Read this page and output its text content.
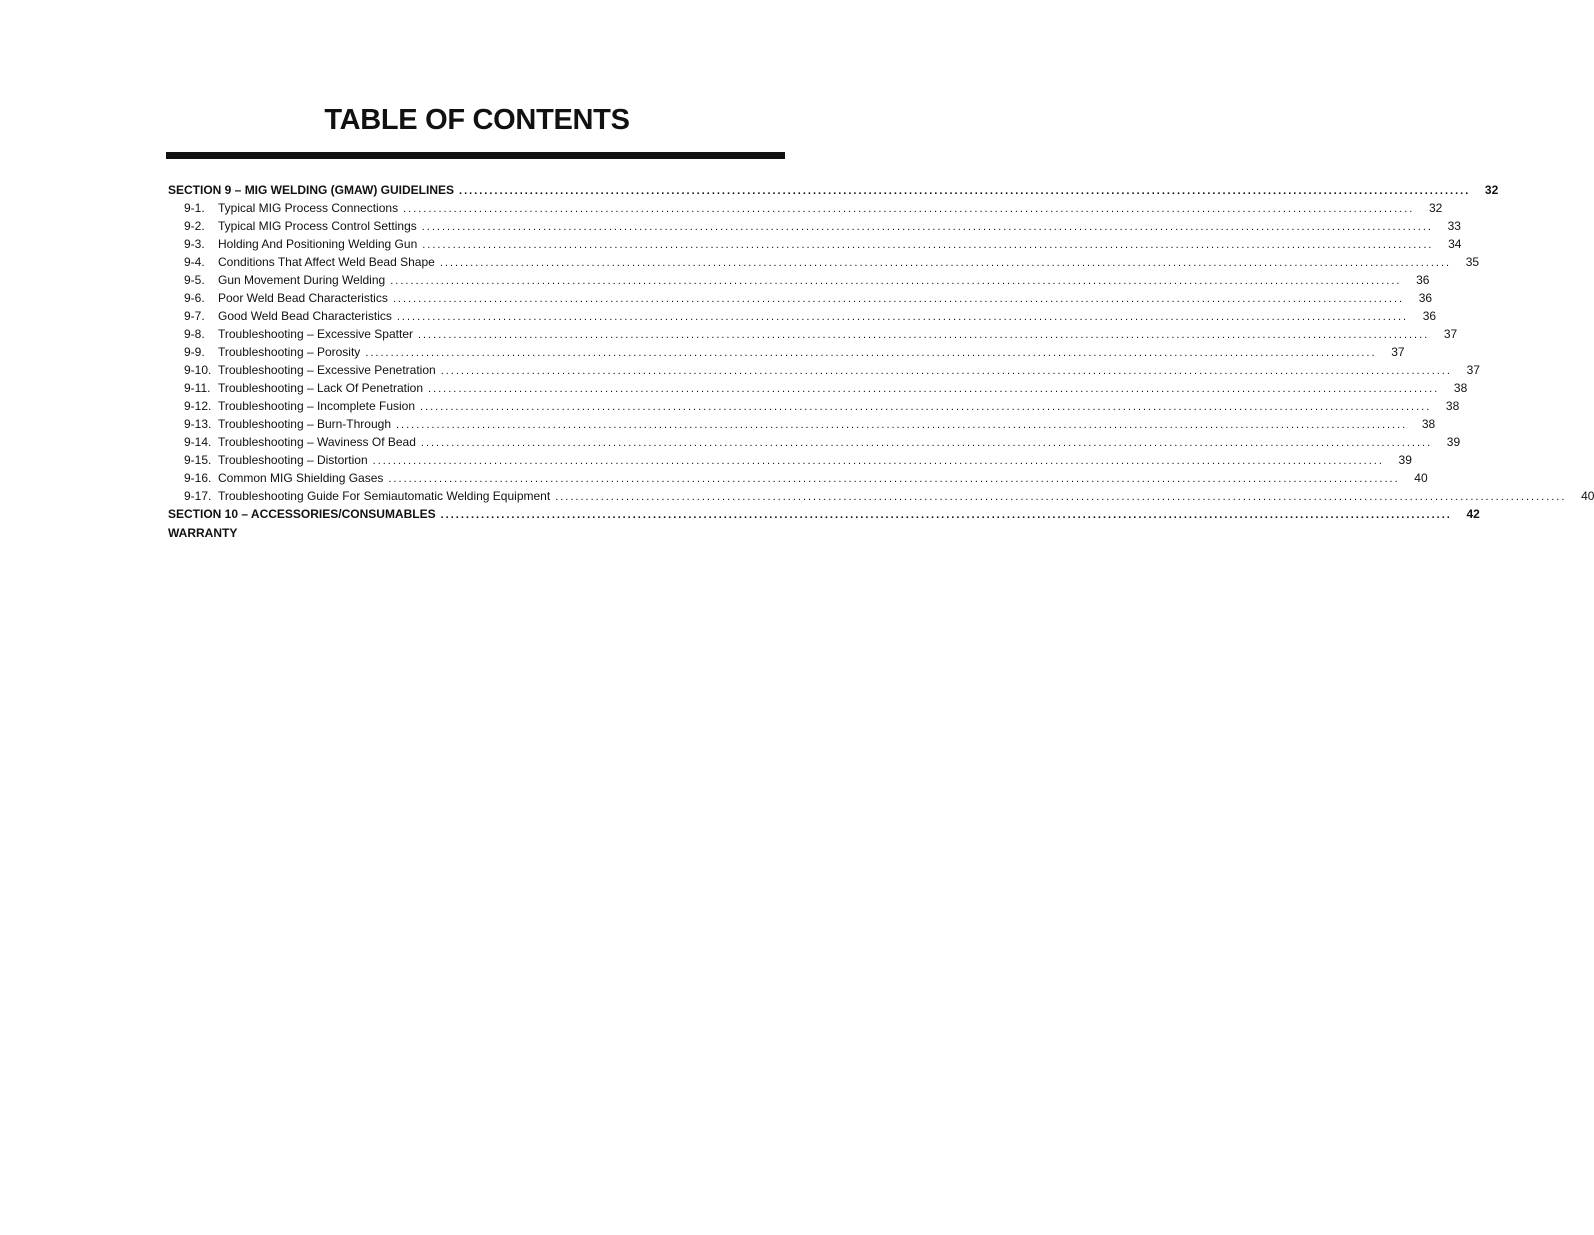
TABLE OF CONTENTS
SECTION 9 – MIG WELDING (GMAW) GUIDELINES ........................................................................................................................................................................................................	32
9-1.	Typical MIG Process Connections ........................................................................................................................................................................................................	32
9-2.	Typical MIG Process Control Settings ........................................................................................................................................................................................................	33
9-3.	Holding And Positioning Welding Gun ........................................................................................................................................................................................................	34
9-4.	Conditions That Affect Weld Bead Shape ........................................................................................................................................................................................................	35
9-5.	Gun Movement During Welding ........................................................................................................................................................................................................	36
9-6.	Poor Weld Bead Characteristics ........................................................................................................................................................................................................	36
9-7.	Good Weld Bead Characteristics ........................................................................................................................................................................................................	36
9-8.	Troubleshooting – Excessive Spatter ........................................................................................................................................................................................................	37
9-9.	Troubleshooting – Porosity ........................................................................................................................................................................................................	37
9-10. Troubleshooting – Excessive Penetration ........................................................................................................................................................................................................	37
9-11. Troubleshooting – Lack Of Penetration ........................................................................................................................................................................................................	38
9-12. Troubleshooting – Incomplete Fusion ........................................................................................................................................................................................................	38
9-13. Troubleshooting – Burn-Through ........................................................................................................................................................................................................	38
9-14. Troubleshooting – Waviness Of Bead ........................................................................................................................................................................................................	39
9-15. Troubleshooting – Distortion ........................................................................................................................................................................................................	39
9-16. Common MIG Shielding Gases ........................................................................................................................................................................................................	40
9-17. Troubleshooting Guide For Semiautomatic Welding Equipment ........................................................................................................................................................................................................	40
SECTION 10 – ACCESSORIES/CONSUMABLES ........................................................................................................................................................................................................	42
WARRANTY
